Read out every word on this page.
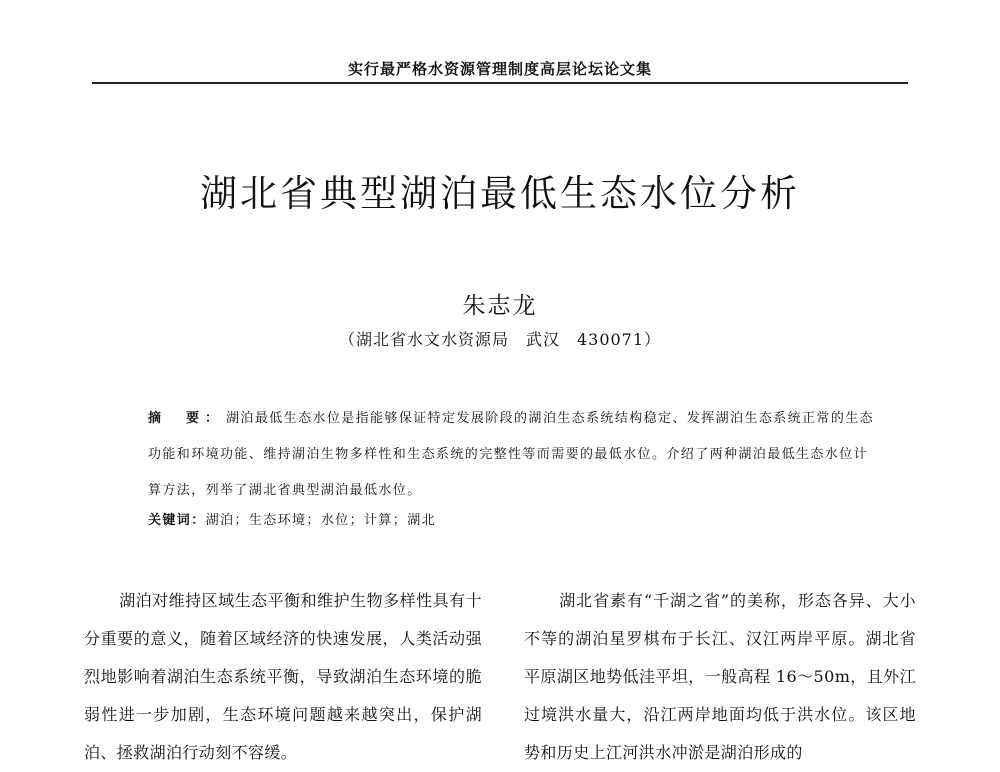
实行最严格水资源管理制度高层论坛论文集
湖北省典型湖泊最低生态水位分析
朱志龙
（湖北省水文水资源局　武汉　430071）
摘　要： 湖泊最低生态水位是指能够保证特定发展阶段的湖泊生态系统结构稳定、发挥湖泊生态系统正常的生态功能和环境功能、维持湖泊生物多样性和生态系统的完整性等而需要的最低水位。介绍了两种湖泊最低生态水位计算方法，列举了湖北省典型湖泊最低水位。
关键词：湖泊；生态环境；水位；计算；湖北
湖泊对维持区域生态平衡和维护生物多样性具有十分重要的意义，随着区域经济的快速发展，人类活动强烈地影响着湖泊生态系统平衡，导致湖泊生态环境的脆弱性进一步加剧，生态环境问题越来越突出，保护湖泊、拯救湖泊行动刻不容缓。
湖北省素有“千湖之省”的美称，形态各异、大小不等的湖泊星罗棋布于长江、汉江两岸平原。湖北省平原湖区地势低洼平坦，一般高程 16～50m，且外江过境洪水量大，沿江两岸地面均低于洪水位。该区地势和历史上江河洪水冲淤是湖泊形成的
